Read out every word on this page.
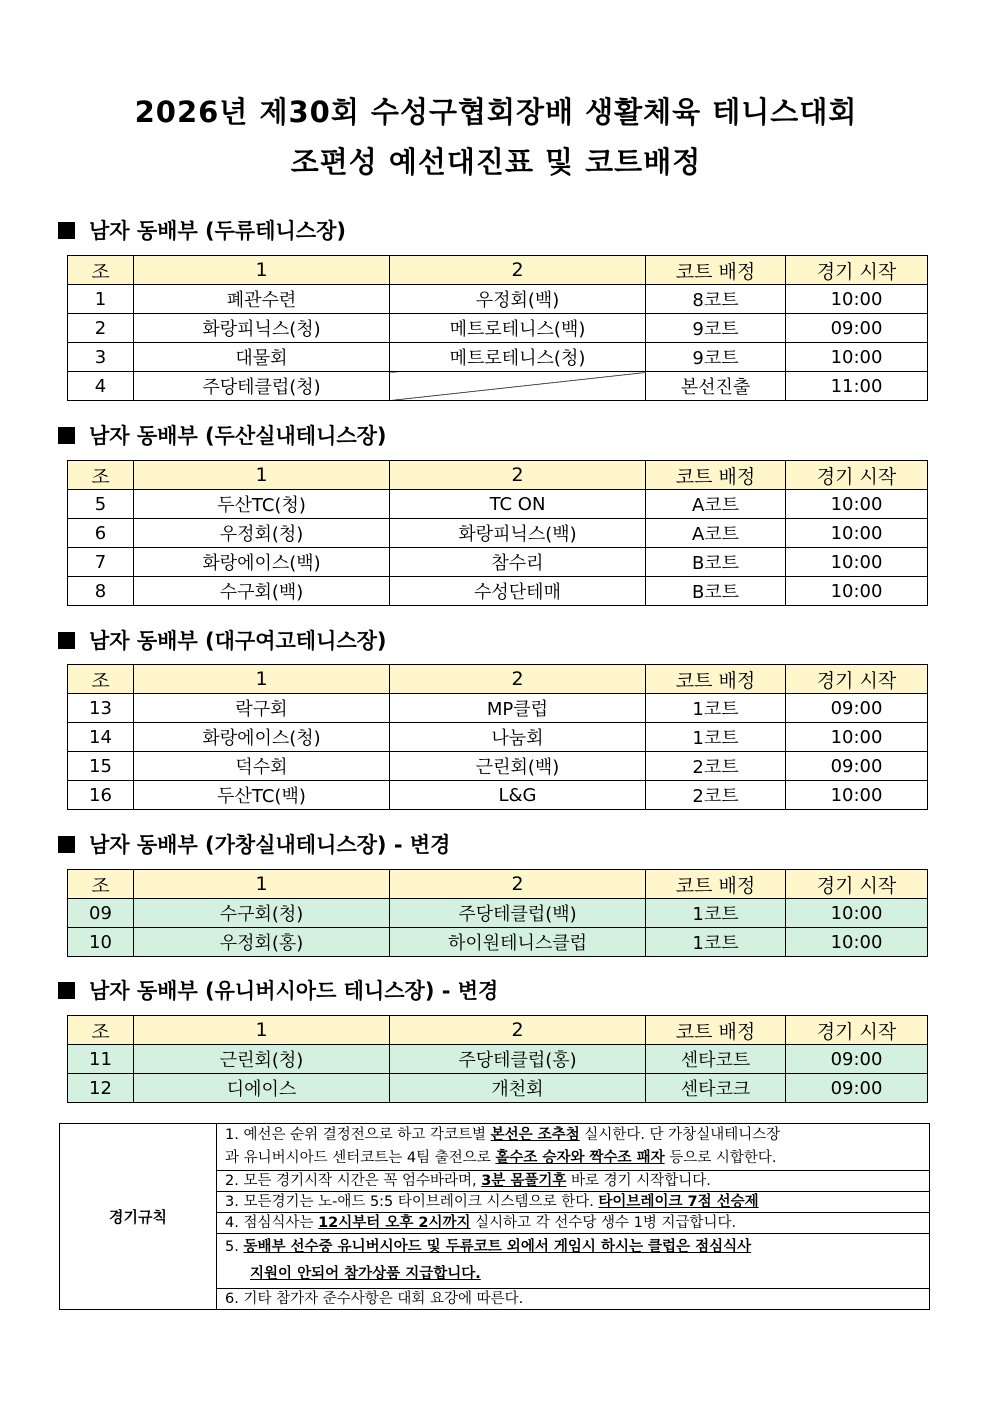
2026년 제30회 수성구협회장배 생활체육 테니스대회
조편성 예선대진표 및 코트배정
남자 동배부 (두류테니스장)
조	1	2	코트 배정	경기 시작
1	폐관수련	우정회(백)	8코트	10:00
2	화랑피닉스(청)	메트로테니스(백)	9코트	09:00
3	대물회	메트로테니스(청)	9코트	10:00
4	주당테클럽(청)		본선진출	11:00
남자 동배부 (두산실내테니스장)
조	1	2	코트 배정	경기 시작
5	두산TC(청)	TC ON	A코트	10:00
6	우정회(청)	화랑피닉스(백)	A코트	10:00
7	화랑에이스(백)	참수리	B코트	10:00
8	수구회(백)	수성단테매	B코트	10:00
남자 동배부 (대구여고테니스장)
조	1	2	코트 배정	경기 시작
13	락구회	MP클럽	1코트	09:00
14	화랑에이스(청)	나눔회	1코트	10:00
15	덕수회	근린회(백)	2코트	09:00
16	두산TC(백)	L&G	2코트	10:00
남자 동배부 (가창실내테니스장) - 변경
조	1	2	코트 배정	경기 시작
09	수구회(청)	주당테클럽(백)	1코트	10:00
10	우정회(홍)	하이원테니스클럽	1코트	10:00
남자 동배부 (유니버시아드 테니스장) - 변경
조	1	2	코트 배정	경기 시작
11	근린회(청)	주당테클럽(홍)	센타코트	09:00
12	디에이스	개천회	센타코크	09:00
경기규칙	
1. 예선은 순위 결정전으로 하고 각코트별 본선은 조추첨 실시한다. 단 가창실내테니스장
과 유니버시아드 센터코트는 4팀 출전으로 홀수조 승자와 짝수조 패자 등으로 시합한다.

2. 모든 경기시작 시간은 꼭 엄수바라며, 3분 몸풀기후 바로 경기 시작합니다.

3. 모든경기는 노-애드 5:5 타이브레이크 시스템으로 한다. 타이브레이크 7점 선승제

4. 점심식사는 12시부터 오후 2시까지 실시하고 각 선수당 생수 1병 지급합니다.

5. 동배부 선수중 유니버시아드 및 두류코트 외에서 게임시 하시는 클럽은 점심식사
지원이 안되어 참가상품 지급합니다.

6. 기타 참가자 준수사항은 대회 요강에 따른다.
